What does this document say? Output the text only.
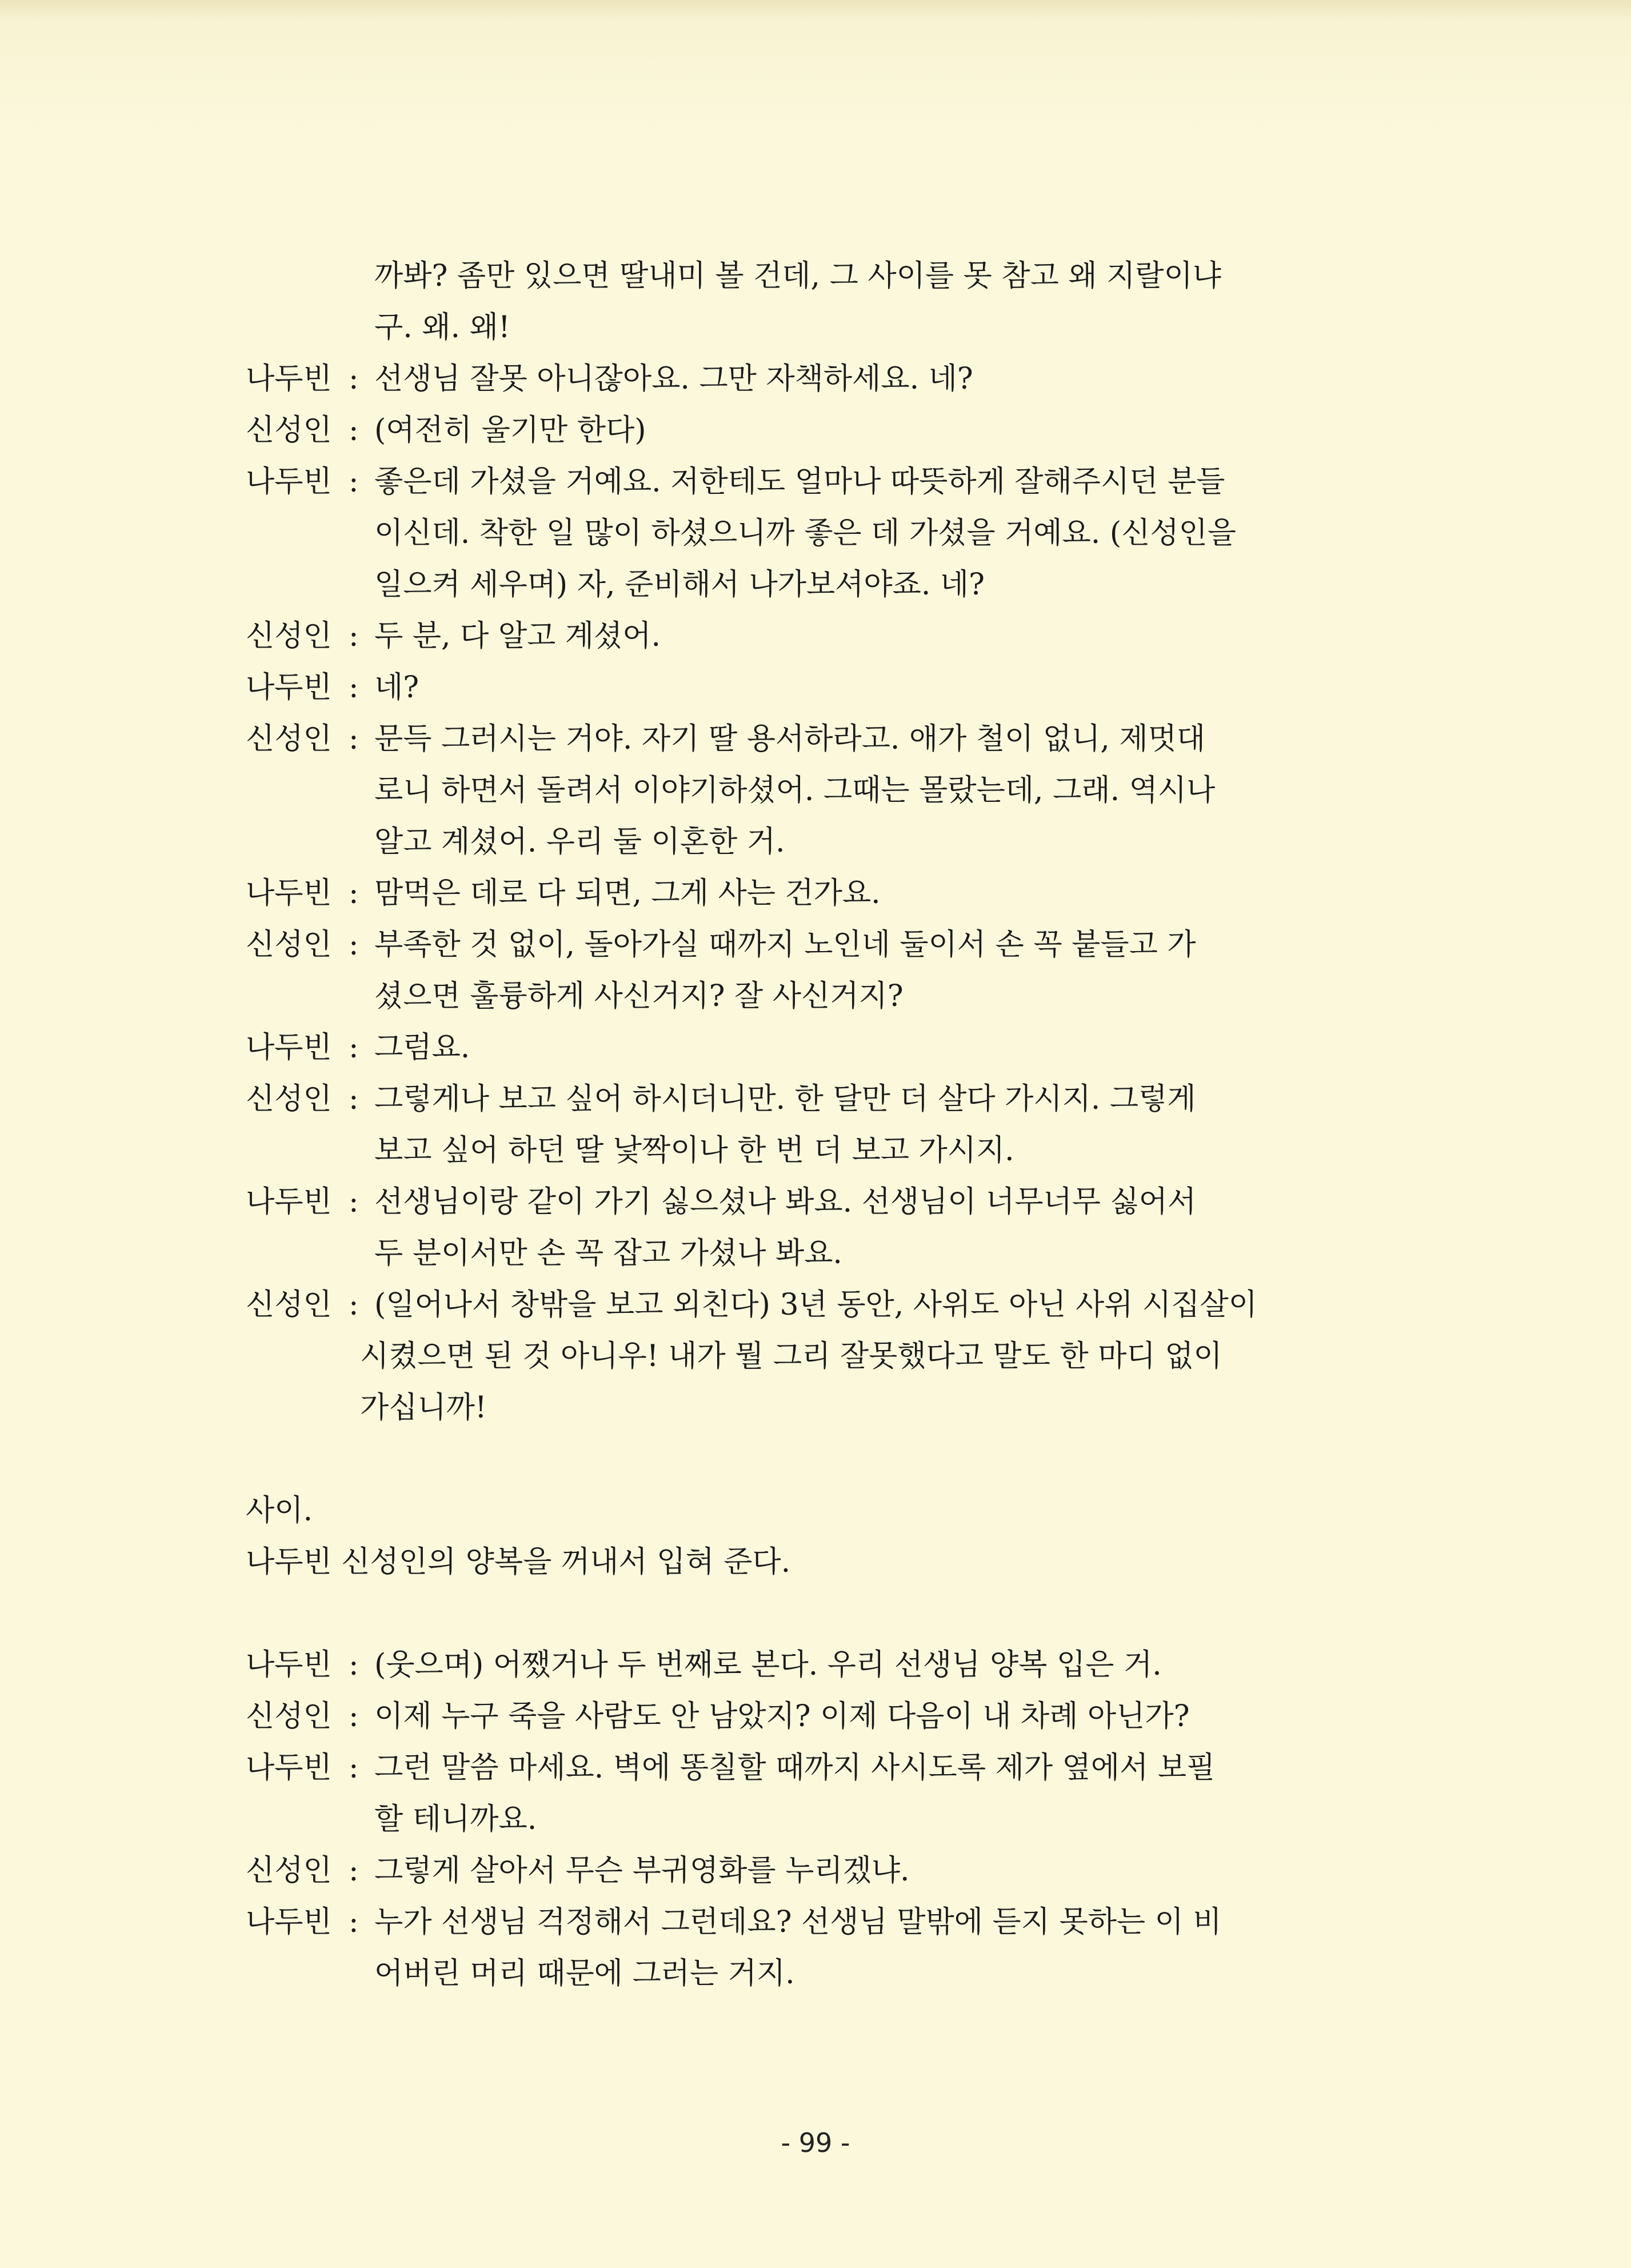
까봐? 좀만 있으면 딸내미 볼 건데, 그 사이를 못 참고 왜 지랄이냐
구. 왜. 왜!
나두빈 : 선생님 잘못 아니잖아요. 그만 자책하세요. 네?
신성인 : (여전히 울기만 한다)
나두빈 : 좋은데 가셨을 거예요. 저한테도 얼마나 따뜻하게 잘해주시던 분들
이신데. 착한 일 많이 하셨으니까 좋은 데 가셨을 거예요. (신성인을
일으켜 세우며) 자, 준비해서 나가보셔야죠. 네?
신성인 : 두 분, 다 알고 계셨어.
나두빈 : 네?
신성인 : 문득 그러시는 거야. 자기 딸 용서하라고. 애가 철이 없니, 제멋대
로니 하면서 돌려서 이야기하셨어. 그때는 몰랐는데, 그래. 역시나
알고 계셨어. 우리 둘 이혼한 거.
나두빈 : 맘먹은 데로 다 되면, 그게 사는 건가요.
신성인 : 부족한 것 없이, 돌아가실 때까지 노인네 둘이서 손 꼭 붙들고 가
셨으면 훌륭하게 사신거지? 잘 사신거지?
나두빈 : 그럼요.
신성인 : 그렇게나 보고 싶어 하시더니만. 한 달만 더 살다 가시지. 그렇게
보고 싶어 하던 딸 낯짝이나 한 번 더 보고 가시지.
나두빈 : 선생님이랑 같이 가기 싫으셨나 봐요. 선생님이 너무너무 싫어서
두 분이서만 손 꼭 잡고 가셨나 봐요.
신성인 : (일어나서 창밖을 보고 외친다) 3년 동안, 사위도 아닌 사위 시집살이
시켰으면 된 것 아니우! 내가 뭘 그리 잘못했다고 말도 한 마디 없이
가십니까!
사이.
나두빈 신성인의 양복을 꺼내서 입혀 준다.
나두빈 : (웃으며) 어쨌거나 두 번째로 본다. 우리 선생님 양복 입은 거.
신성인 : 이제 누구 죽을 사람도 안 남았지? 이제 다음이 내 차례 아닌가?
나두빈 : 그런 말씀 마세요. 벽에 똥칠할 때까지 사시도록 제가 옆에서 보필
할 테니까요.
신성인 : 그렇게 살아서 무슨 부귀영화를 누리겠냐.
나두빈 : 누가 선생님 걱정해서 그런데요? 선생님 말밖에 듣지 못하는 이 비
어버린 머리 때문에 그러는 거지.
- 99 -
